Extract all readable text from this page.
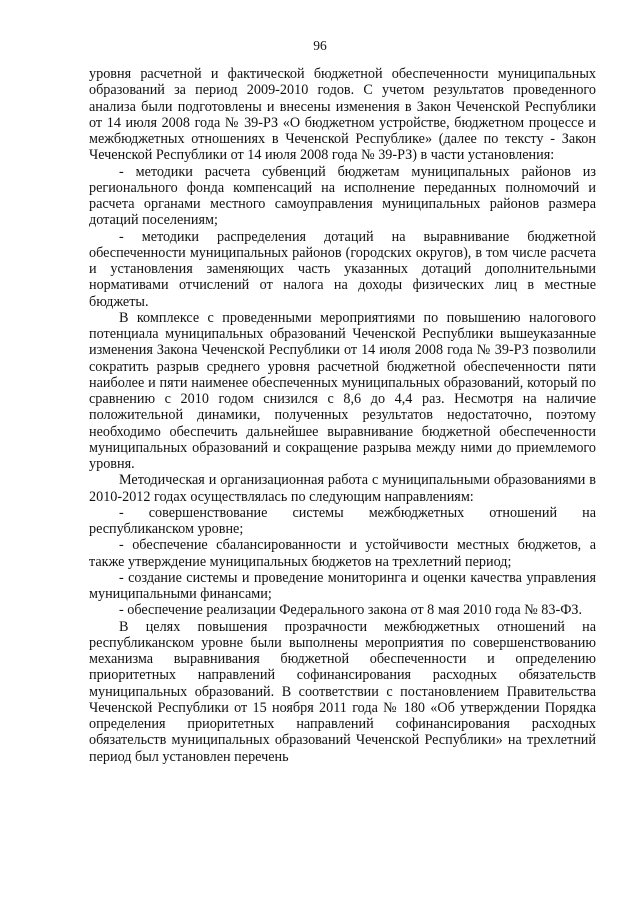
96

уровня расчетной и фактической бюджетной обеспеченности муниципальных образований за период 2009-2010 годов. С учетом результатов проведенного анализа были подготовлены и внесены изменения в Закон Чеченской Республики от 14 июля 2008 года № 39-РЗ «О бюджетном устройстве, бюджетном процессе и межбюджетных отношениях в Чеченской Республике» (далее по тексту - Закон Чеченской Республики от 14 июля 2008 года № 39-РЗ) в части установления:

- методики расчета субвенций бюджетам муниципальных районов из регионального фонда компенсаций на исполнение переданных полномочий и расчета органами местного самоуправления муниципальных районов размера дотаций поселениям;

- методики распределения дотаций на выравнивание бюджетной обеспеченности муниципальных районов (городских округов), в том числе расчета и установления заменяющих часть указанных дотаций дополнительными нормативами отчислений от налога на доходы физических лиц в местные бюджеты.

В комплексе с проведенными мероприятиями по повышению налогового потенциала муниципальных образований Чеченской Республики вышеуказанные изменения Закона Чеченской Республики от 14 июля 2008 года № 39-РЗ позволили сократить разрыв среднего уровня расчетной бюджетной обеспеченности пяти наиболее и пяти наименее обеспеченных муниципальных образований, который по сравнению с 2010 годом снизился с 8,6 до 4,4 раз. Несмотря на наличие положительной динамики, полученных результатов недостаточно, поэтому необходимо обеспечить дальнейшее выравнивание бюджетной обеспеченности муниципальных образований и сокращение разрыва между ними до приемлемого уровня.

Методическая и организационная работа с муниципальными образованиями в 2010-2012 годах осуществлялась по следующим направлениям:

- совершенствование системы межбюджетных отношений на республиканском уровне;

- обеспечение сбалансированности и устойчивости местных бюджетов, а также утверждение муниципальных бюджетов на трехлетний период;

- создание системы и проведение мониторинга и оценки качества управления муниципальными финансами;

- обеспечение реализации Федерального закона от 8 мая 2010 года № 83-ФЗ.

В целях повышения прозрачности межбюджетных отношений на республиканском уровне были выполнены мероприятия по совершенствованию механизма выравнивания бюджетной обеспеченности и определению приоритетных направлений софинансирования расходных обязательств муниципальных образований. В соответствии с постановлением Правительства Чеченской Республики от 15 ноября 2011 года № 180 «Об утверждении Порядка определения приоритетных направлений софинансирования расходных обязательств муниципальных образований Чеченской Республики» на трехлетний период был установлен перечень
